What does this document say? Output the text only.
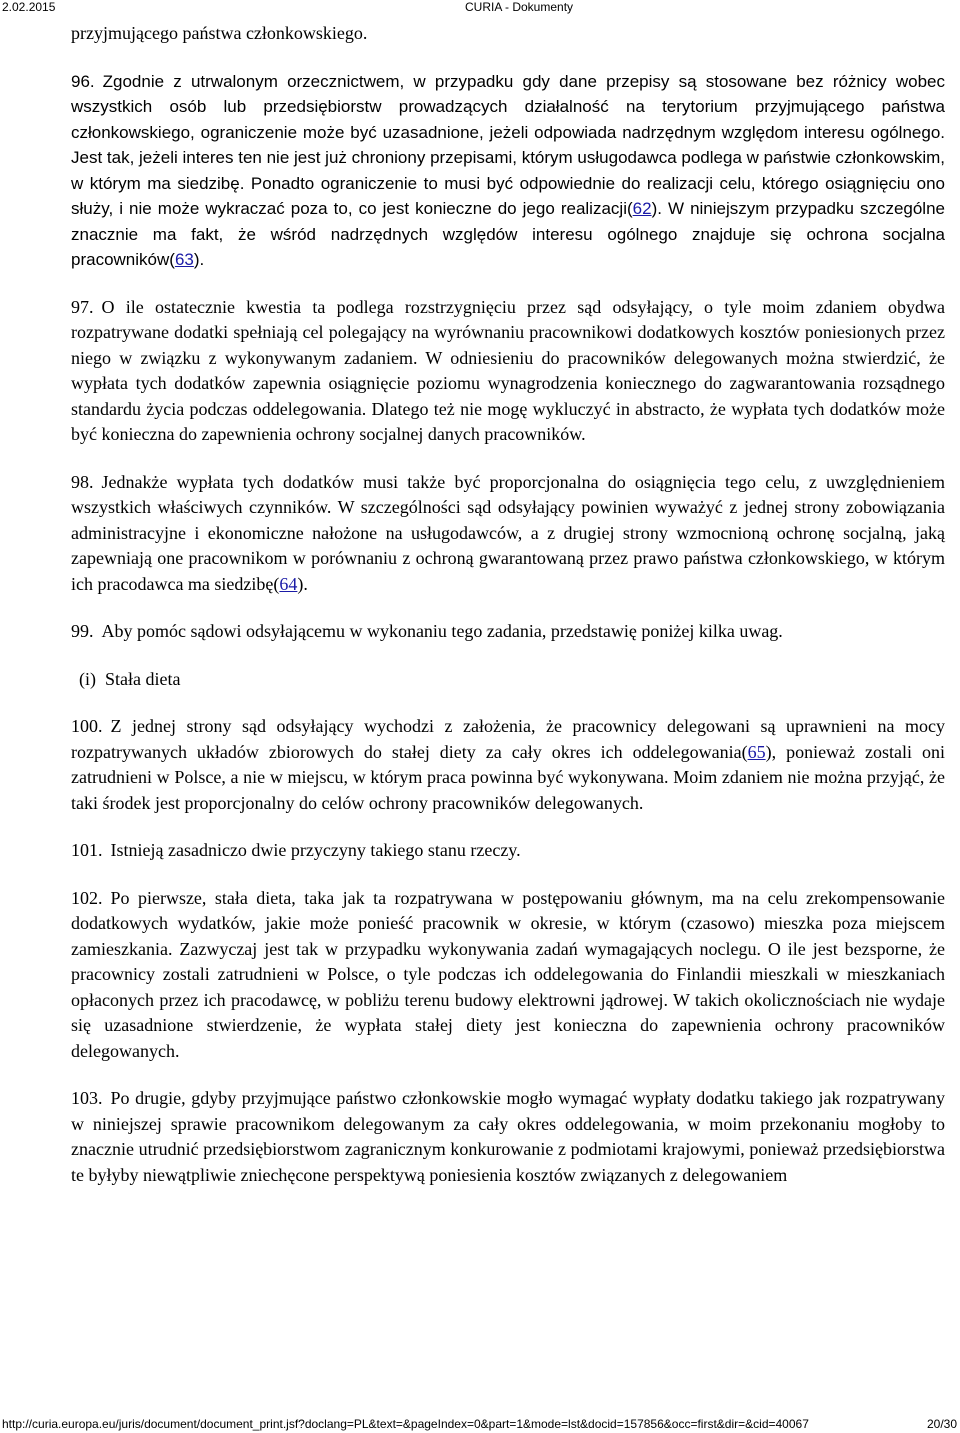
2.02.2015	CURIA - Dokumenty

przyjmującego państwa członkowskiego.

96. Zgodnie z utrwalonym orzecznictwem, w przypadku gdy dane przepisy są stosowane bez różnicy wobec wszystkich osób lub przedsiębiorstw prowadzących działalność na terytorium przyjmującego państwa członkowskiego, ograniczenie może być uzasadnione, jeżeli odpowiada nadrzędnym względom interesu ogólnego. Jest tak, jeżeli interes ten nie jest już chroniony przepisami, którym usługodawca podlega w państwie członkowskim, w którym ma siedzibę. Ponadto ograniczenie to musi być odpowiednie do realizacji celu, którego osiągnięciu ono służy, i nie może wykraczać poza to, co jest konieczne do jego realizacji(62). W niniejszym przypadku szczególne znacznie ma fakt, że wśród nadrzędnych względów interesu ogólnego znajduje się ochrona socjalna pracowników(63).

97. O ile ostatecznie kwestia ta podlega rozstrzygnięciu przez sąd odsyłający, o tyle moim zdaniem obydwa rozpatrywane dodatki spełniają cel polegający na wyrównaniu pracownikowi dodatkowych kosztów poniesionych przez niego w związku z wykonywanym zadaniem. W odniesieniu do pracowników delegowanych można stwierdzić, że wypłata tych dodatków zapewnia osiągnięcie poziomu wynagrodzenia koniecznego do zagwarantowania rozsądnego standardu życia podczas oddelegowania. Dlatego też nie mogę wykluczyć in abstracto, że wypłata tych dodatków może być konieczna do zapewnienia ochrony socjalnej danych pracowników.

98. Jednakże wypłata tych dodatków musi także być proporcjonalna do osiągnięcia tego celu, z uwzględnieniem wszystkich właściwych czynników. W szczególności sąd odsyłający powinien wyważyć z jednej strony zobowiązania administracyjne i ekonomiczne nałożone na usługodawców, a z drugiej strony wzmocnioną ochronę socjalną, jaką zapewniają one pracownikom w porównaniu z ochroną gwarantowaną przez prawo państwa członkowskiego, w którym ich pracodawca ma siedzibę(64).

99. Aby pomóc sądowi odsyłającemu w wykonaniu tego zadania, przedstawię poniżej kilka uwag.

(i)  Stała dieta

100. Z jednej strony sąd odsyłający wychodzi z założenia, że pracownicy delegowani są uprawnieni na mocy rozpatrywanych układów zbiorowych do stałej diety za cały okres ich oddelegowania(65), ponieważ zostali oni zatrudnieni w Polsce, a nie w miejscu, w którym praca powinna być wykonywana. Moim zdaniem nie można przyjąć, że taki środek jest proporcjonalny do celów ochrony pracowników delegowanych.

101. Istnieją zasadniczo dwie przyczyny takiego stanu rzeczy.

102. Po pierwsze, stała dieta, taka jak ta rozpatrywana w postępowaniu głównym, ma na celu zrekompensowanie dodatkowych wydatków, jakie może ponieść pracownik w okresie, w którym (czasowo) mieszka poza miejscem zamieszkania. Zazwyczaj jest tak w przypadku wykonywania zadań wymagających noclegu. O ile jest bezsporne, że pracownicy zostali zatrudnieni w Polsce, o tyle podczas ich oddelegowania do Finlandii mieszkali w mieszkaniach opłaconych przez ich pracodawcę, w pobliżu terenu budowy elektrowni jądrowej. W takich okolicznościach nie wydaje się uzasadnione stwierdzenie, że wypłata stałej diety jest konieczna do zapewnienia ochrony pracowników delegowanych.

103. Po drugie, gdyby przyjmujące państwo członkowskie mogło wymagać wypłaty dodatku takiego jak rozpatrywany w niniejszej sprawie pracownikom delegowanym za cały okres oddelegowania, w moim przekonaniu mogłoby to znacznie utrudnić przedsiębiorstwom zagranicznym konkurowanie z podmiotami krajowymi, ponieważ przedsiębiorstwa te byłyby niewątpliwie zniechęcone perspektywą poniesienia kosztów związanych z delegowaniem

http://curia.europa.eu/juris/document/document_print.jsf?doclang=PL&text=&pageIndex=0&part=1&mode=lst&docid=157856&occ=first&dir=&cid=40067	20/30
